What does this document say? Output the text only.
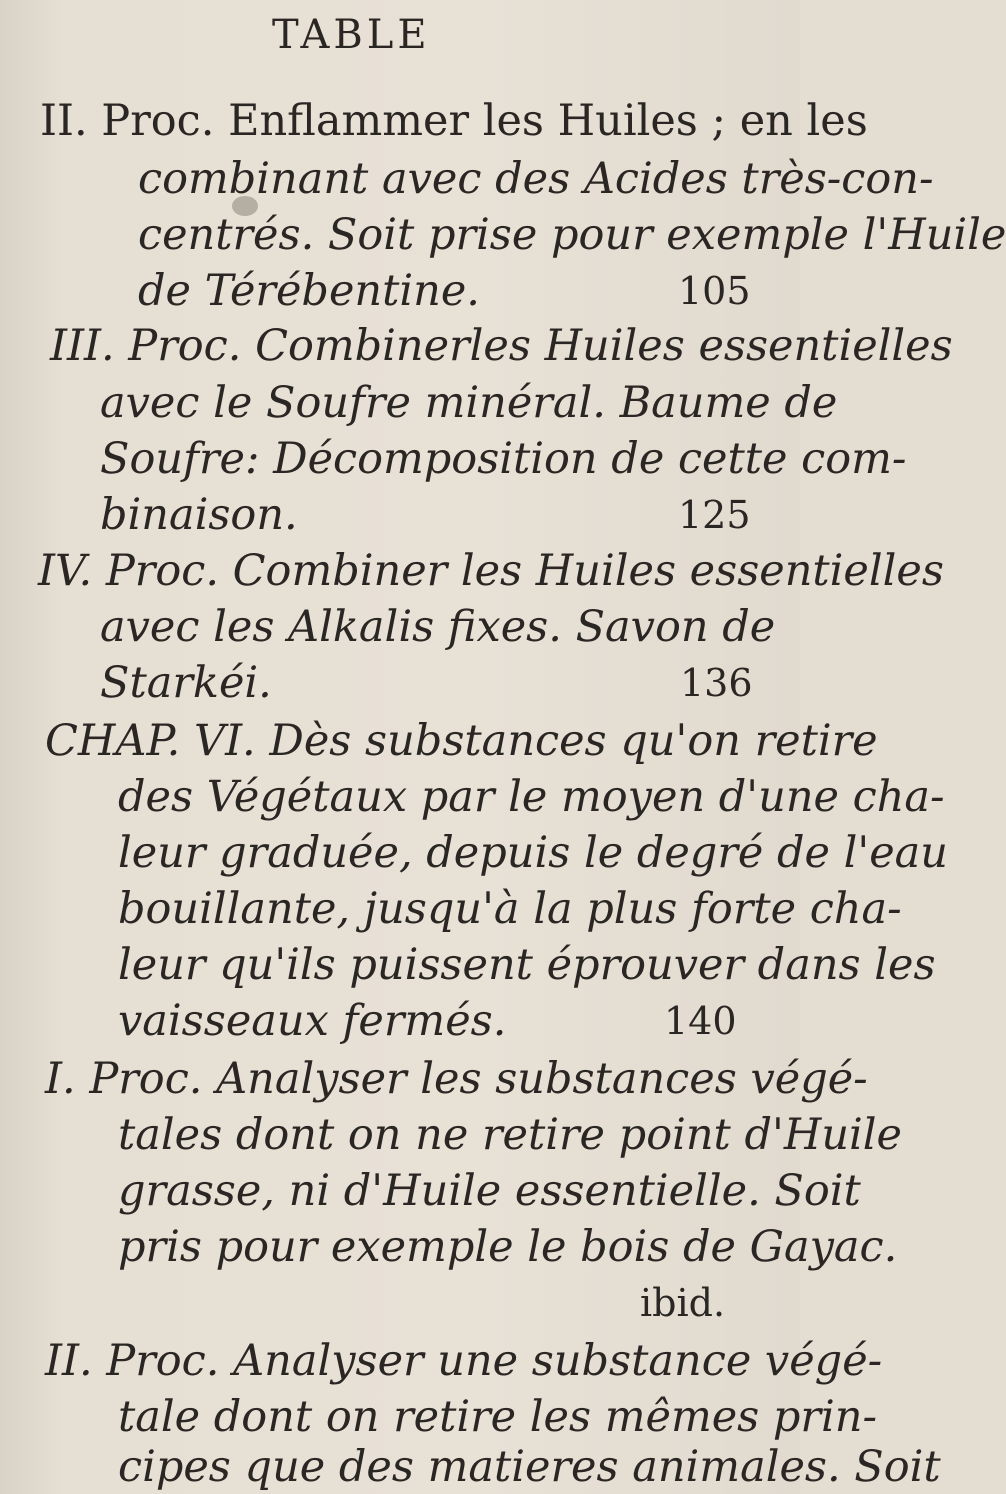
TABLE
II. Proc. Enflammer les Huiles ; en les
combinant avec des Acides très-con-
centrés. Soit prise pour exemple l'Huile
de Térébentine.	105
III. Proc. Combinerles Huiles essentielles
avec le Soufre minéral. Baume de
Soufre: Décomposition de cette com-
binaison.	125
IV. Proc. Combiner les Huiles essentielles
avec les Alkalis fixes. Savon de
Starkéi.	136
CHAP. VI. Dès substances qu'on retire
des Végétaux par le moyen d'une cha-
leur graduée, depuis le degré de l'eau
bouillante, jusqu'à la plus forte cha-
leur qu'ils puissent éprouver dans les
vaisseaux fermés.	140
I. Proc. Analyser les substances végé-
tales dont on ne retire point d'Huile
grasse, ni d'Huile essentielle. Soit
pris pour exemple le bois de Gayac.
ibid.
II. Proc. Analyser une substance végé-
tale dont on retire les mêmes prin-
cipes que des matieres animales. Soit
